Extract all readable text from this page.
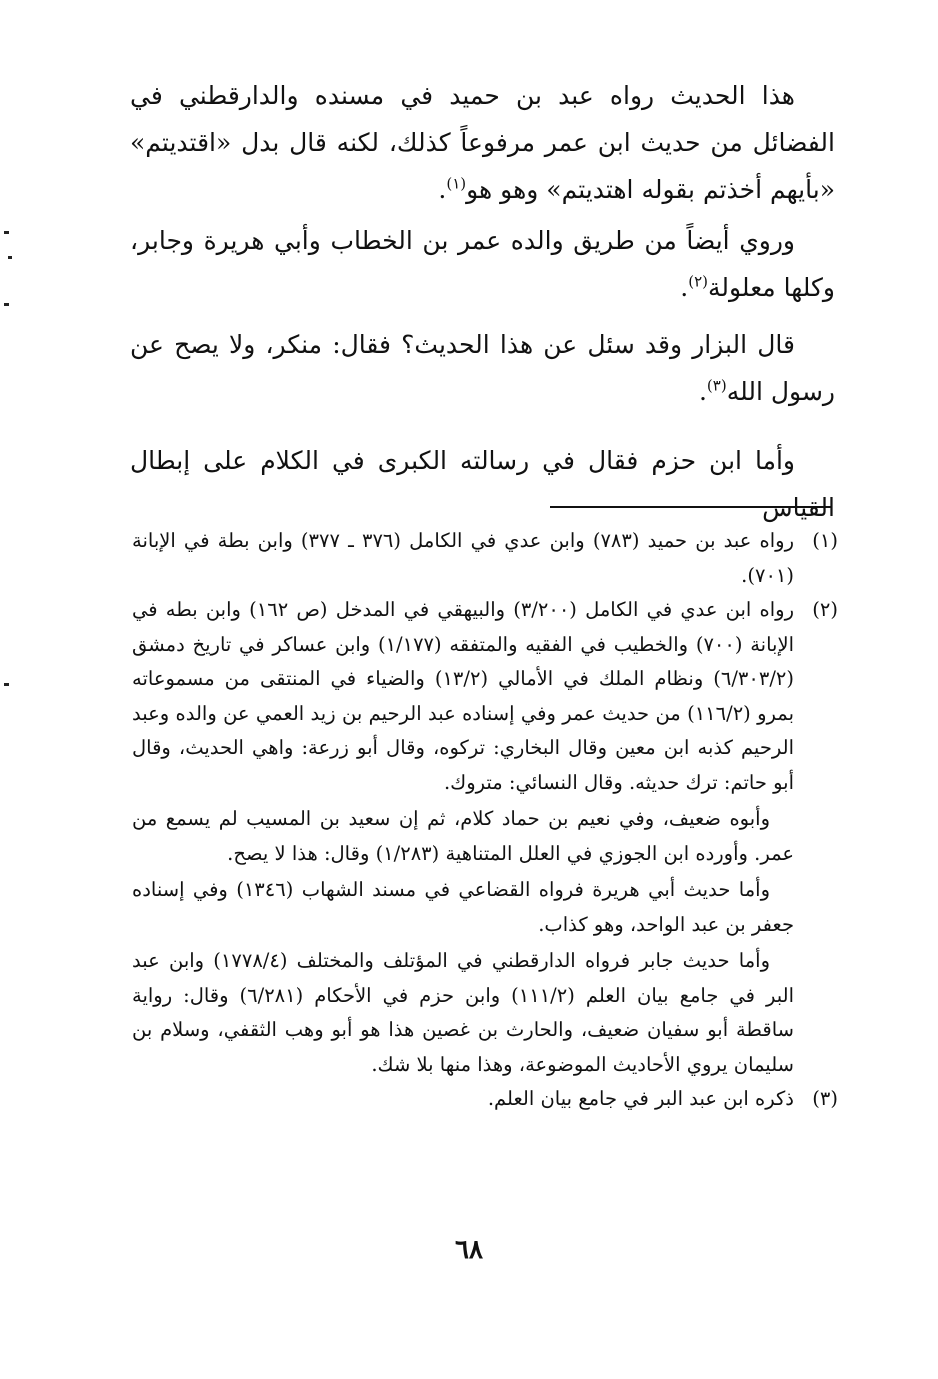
هذا الحديث رواه عبد بن حميد في مسنده والدارقطني في الفضائل من حديث ابن عمر مرفوعاً كذلك، لكنه قال بدل «اقتديتم» «بأيهم أخذتم بقوله اهتديتم» وهو هو$^{(١)}$.

وروي أيضاً من طريق والده عمر بن الخطاب وأبي هريرة وجابر، وكلها معلولة$^{(٢)}$.

قال البزار وقد سئل عن هذا الحديث؟ فقال: منكر، ولا يصح عن رسول الله$^{(٣)}$.

وأما ابن حزم فقال في رسالته الكبرى في الكلام على إبطال القياس

(١)

رواه عبد بن حميد (٧٨٣) وابن عدي في الكامل (٣٧٦ ـ ٣٧٧) وابن بطة في الإبانة (٧٠١).

(٢)

رواه ابن عدي في الكامل (٣/٢٠٠) والبيهقي في المدخل (ص ١٦٢) وابن بطه في الإبانة (٧٠٠) والخطيب في الفقيه والمتفقه (١/١٧٧) وابن عساكر في تاريخ دمشق (٦/٣٠٣/٢) ونظام الملك في الأمالي (١٣/٢) والضياء في المنتقى من مسموعاته بمرو (١١٦/٢) من حديث عمر وفي إسناده عبد الرحيم بن زيد العمي عن والده وعبد الرحيم كذبه ابن معين وقال البخاري: تركوه، وقال أبو زرعة: واهي الحديث، وقال أبو حاتم: ترك حديثه. وقال النسائي: متروك.

وأبوه ضعيف، وفي نعيم بن حماد كلام، ثم إن سعيد بن المسيب لم يسمع من عمر. وأورده ابن الجوزي في العلل المتناهية (١/٢٨٣) وقال: هذا لا يصح.

وأما حديث أبي هريرة فرواه القضاعي في مسند الشهاب (١٣٤٦) وفي إسناده جعفر بن عبد الواحد، وهو كذاب.

وأما حديث جابر فرواه الدارقطني في المؤتلف والمختلف (١٧٧٨/٤) وابن عبد البر في جامع بيان العلم (١١١/٢) وابن حزم في الأحكام (٦/٢٨١) وقال: رواية ساقطة أبو سفيان ضعيف، والحارث بن غصين هذا هو أبو وهب الثقفي، وسلام بن سليمان يروي الأحاديث الموضوعة، وهذا منها بلا شك.

(٣)

ذكره ابن عبد البر في جامع بيان العلم.

٦٨
